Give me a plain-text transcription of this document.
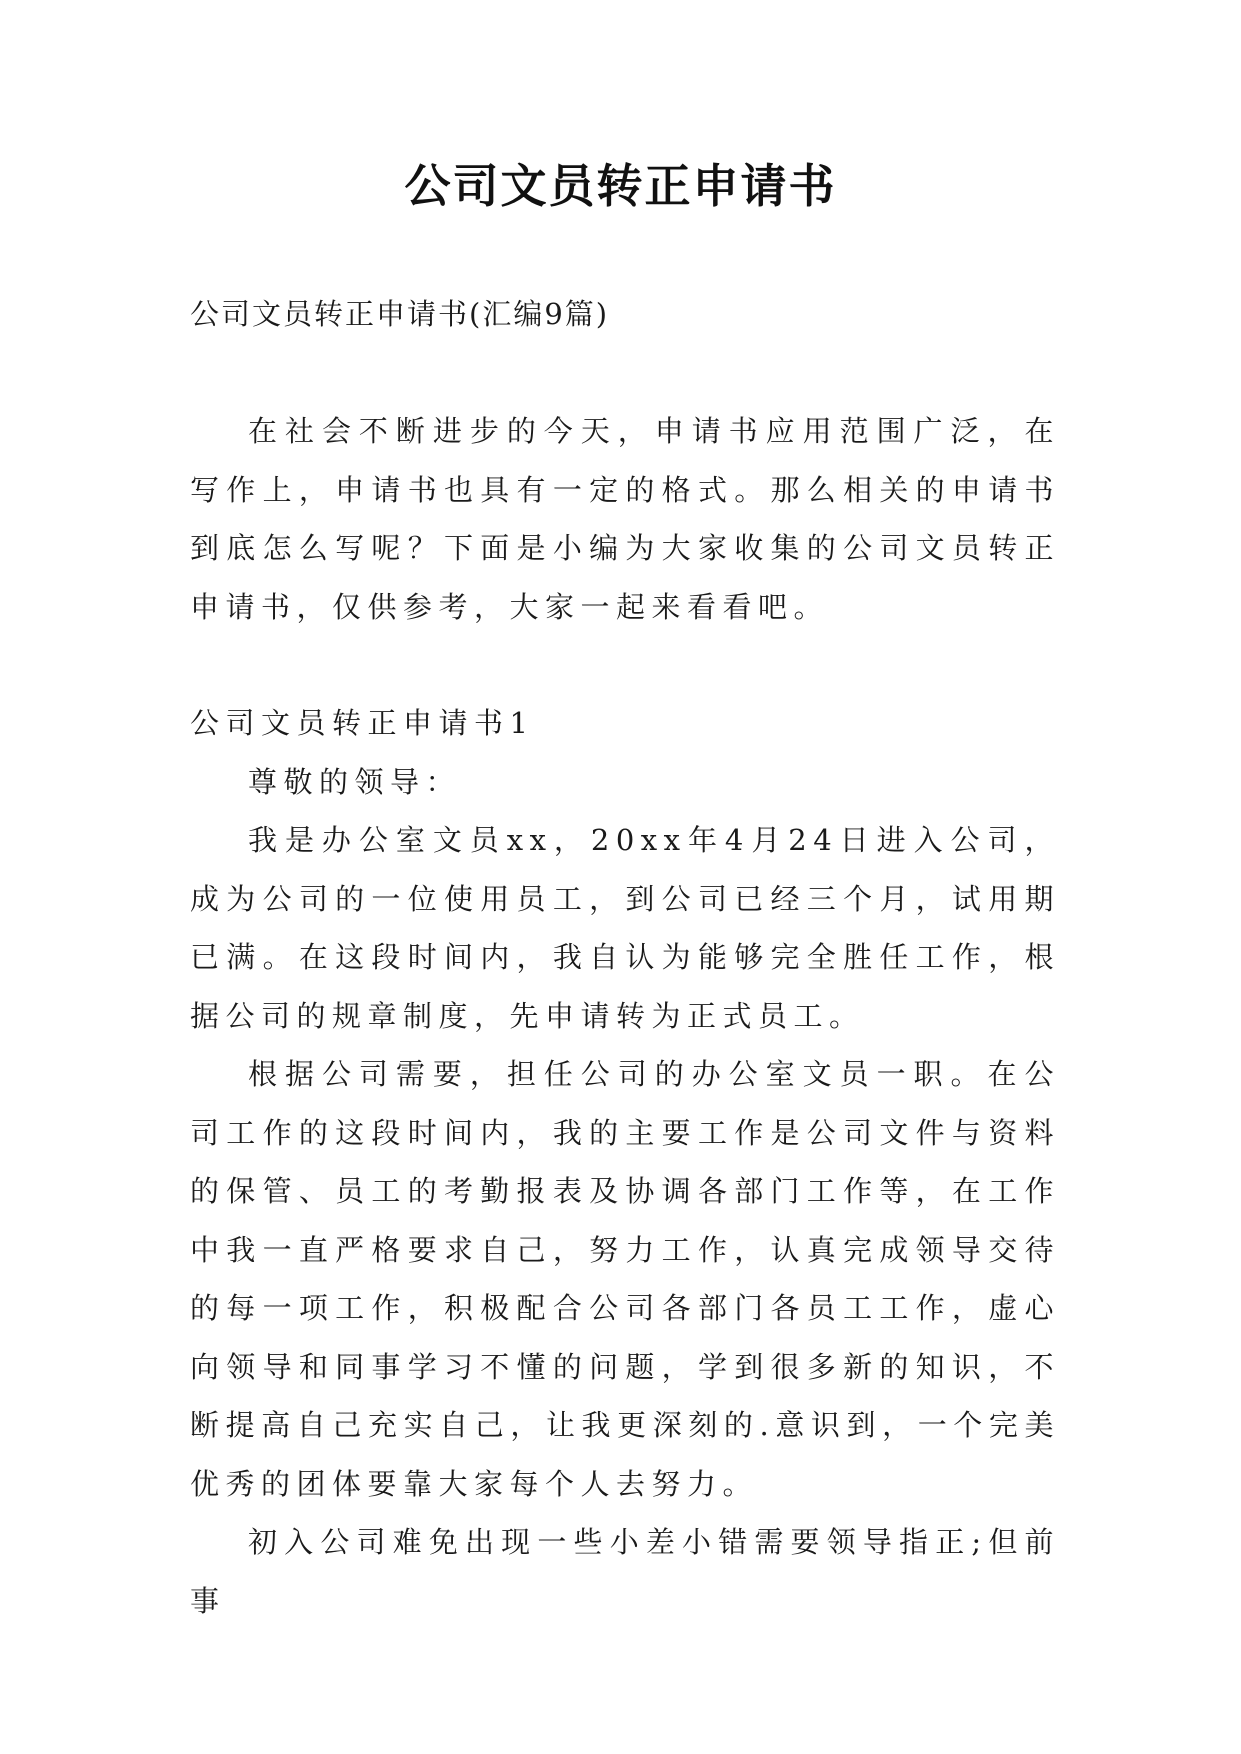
公司文员转正申请书
公司文员转正申请书(汇编9篇)

在社会不断进步的今天，申请书应用范围广泛，在写作上，申请书也具有一定的格式。那么相关的申请书到底怎么写呢？下面是小编为大家收集的公司文员转正申请书，仅供参考，大家一起来看看吧。

公司文员转正申请书1

尊敬的领导：

我是办公室文员xx，20xx年4月24日进入公司，成为公司的一位使用员工，到公司已经三个月，试用期已满。在这段时间内，我自认为能够完全胜任工作，根据公司的规章制度，先申请转为正式员工。

根据公司需要，担任公司的办公室文员一职。在公司工作的这段时间内，我的主要工作是公司文件与资料的保管、员工的考勤报表及协调各部门工作等，在工作中我一直严格要求自己，努力工作，认真完成领导交待的每一项工作，积极配合公司各部门各员工工作，虚心向领导和同事学习不懂的问题，学到很多新的知识，不断提高自己充实自己，让我更深刻的.意识到，一个完美优秀的团体要靠大家每个人去努力。

初入公司难免出现一些小差小错需要领导指正;但前事
